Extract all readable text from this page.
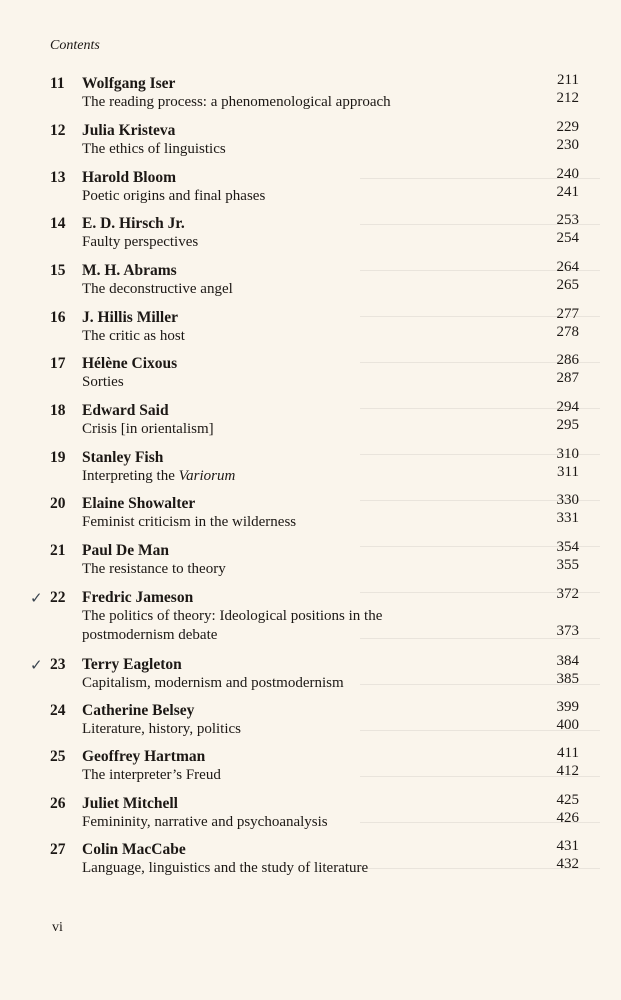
Contents
11 Wolfgang Iser
The reading process: a phenomenological approach
211
212
12 Julia Kristeva
The ethics of linguistics
229
230
13 Harold Bloom
Poetic origins and final phases
240
241
14 E. D. Hirsch Jr.
Faulty perspectives
253
254
15 M. H. Abrams
The deconstructive angel
264
265
16 J. Hillis Miller
The critic as host
277
278
17 Hélène Cixous
Sorties
286
287
18 Edward Said
Crisis [in orientalism]
294
295
19 Stanley Fish
Interpreting the Variorum
310
311
20 Elaine Showalter
Feminist criticism in the wilderness
330
331
21 Paul De Man
The resistance to theory
354
355
✓ 22 Fredric Jameson
The politics of theory: Ideological positions in the
postmodernism debate
372
373
✓ 23 Terry Eagleton
Capitalism, modernism and postmodernism
384
385
24 Catherine Belsey
Literature, history, politics
399
400
25 Geoffrey Hartman
The interpreter’s Freud
411
412
26 Juliet Mitchell
Femininity, narrative and psychoanalysis
425
426
27 Colin MacCabe
Language, linguistics and the study of literature
431
432
vi
